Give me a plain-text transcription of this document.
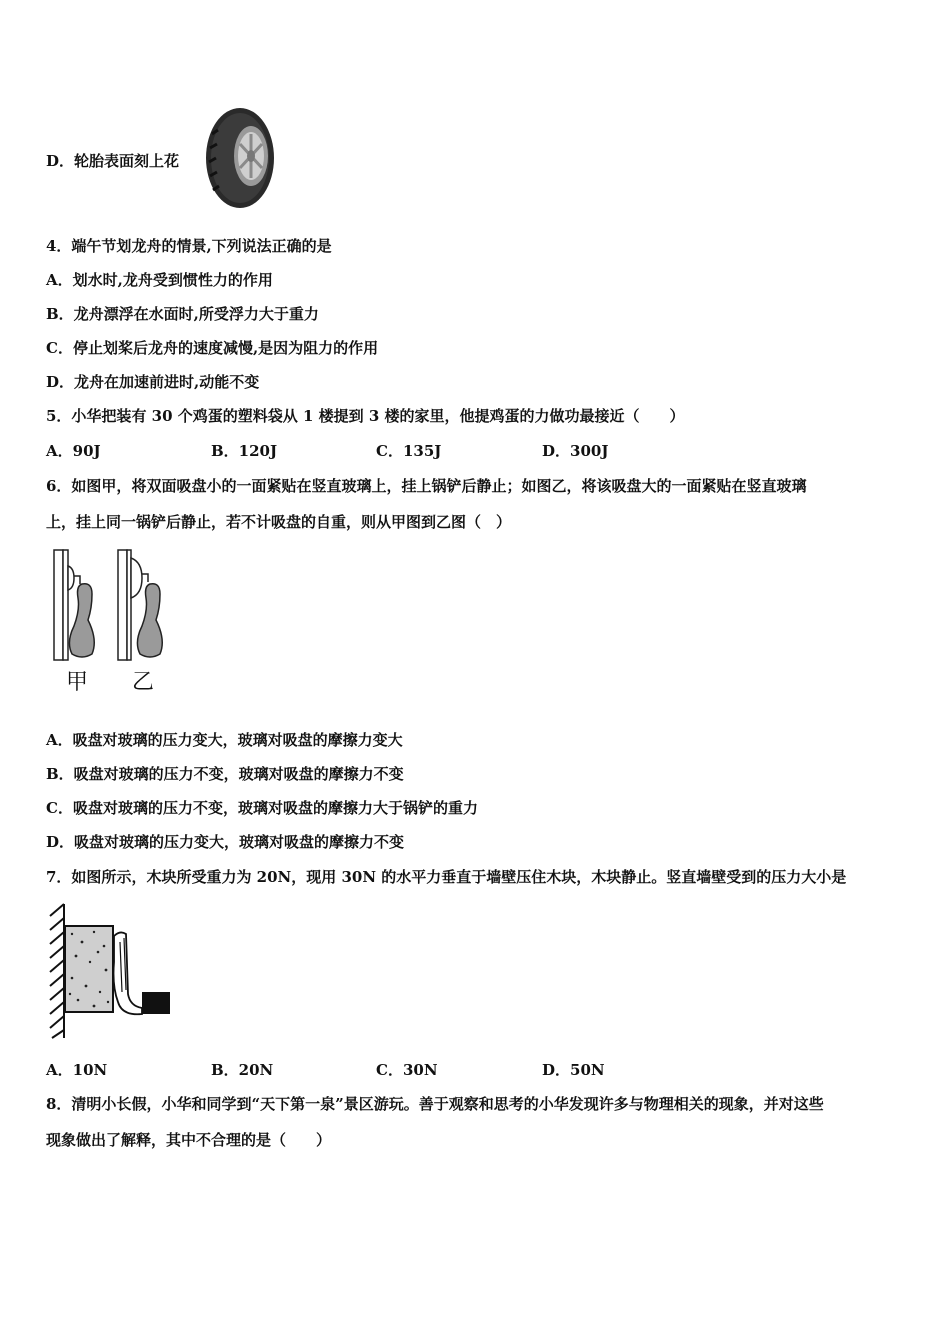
D．轮胎表面刻上花
4．端午节划龙舟的情景,下列说法正确的是
A．划水时,龙舟受到惯性力的作用
B．龙舟漂浮在水面时,所受浮力大于重力
C．停止划桨后龙舟的速度减慢,是因为阻力的作用
D．龙舟在加速前进时,动能不变
5．小华把装有 30 个鸡蛋的塑料袋从 1 楼提到 3 楼的家里，他提鸡蛋的力做功最接近（　　）
A．90J	B．120J	C．135J	D．300J
6．如图甲，将双面吸盘小的一面紧贴在竖直玻璃上，挂上锅铲后静止；如图乙，将该吸盘大的一面紧贴在竖直玻璃
上，挂上同一锅铲后静止，若不计吸盘的自重，则从甲图到乙图（　）
甲 乙
A．吸盘对玻璃的压力变大，玻璃对吸盘的摩擦力变大
B．吸盘对玻璃的压力不变，玻璃对吸盘的摩擦力不变
C．吸盘对玻璃的压力不变，玻璃对吸盘的摩擦力大于锅铲的重力
D．吸盘对玻璃的压力变大，玻璃对吸盘的摩擦力不变
7．如图所示，木块所受重力为 20N，现用 30N 的水平力垂直于墙壁压住木块，木块静止。竖直墙壁受到的压力大小是
A．10N	B．20N	C．30N	D．50N
8．清明小长假，小华和同学到“天下第一泉”景区游玩。善于观察和思考的小华发现许多与物理相关的现象，并对这些
现象做出了解释，其中不合理的是（　　）
